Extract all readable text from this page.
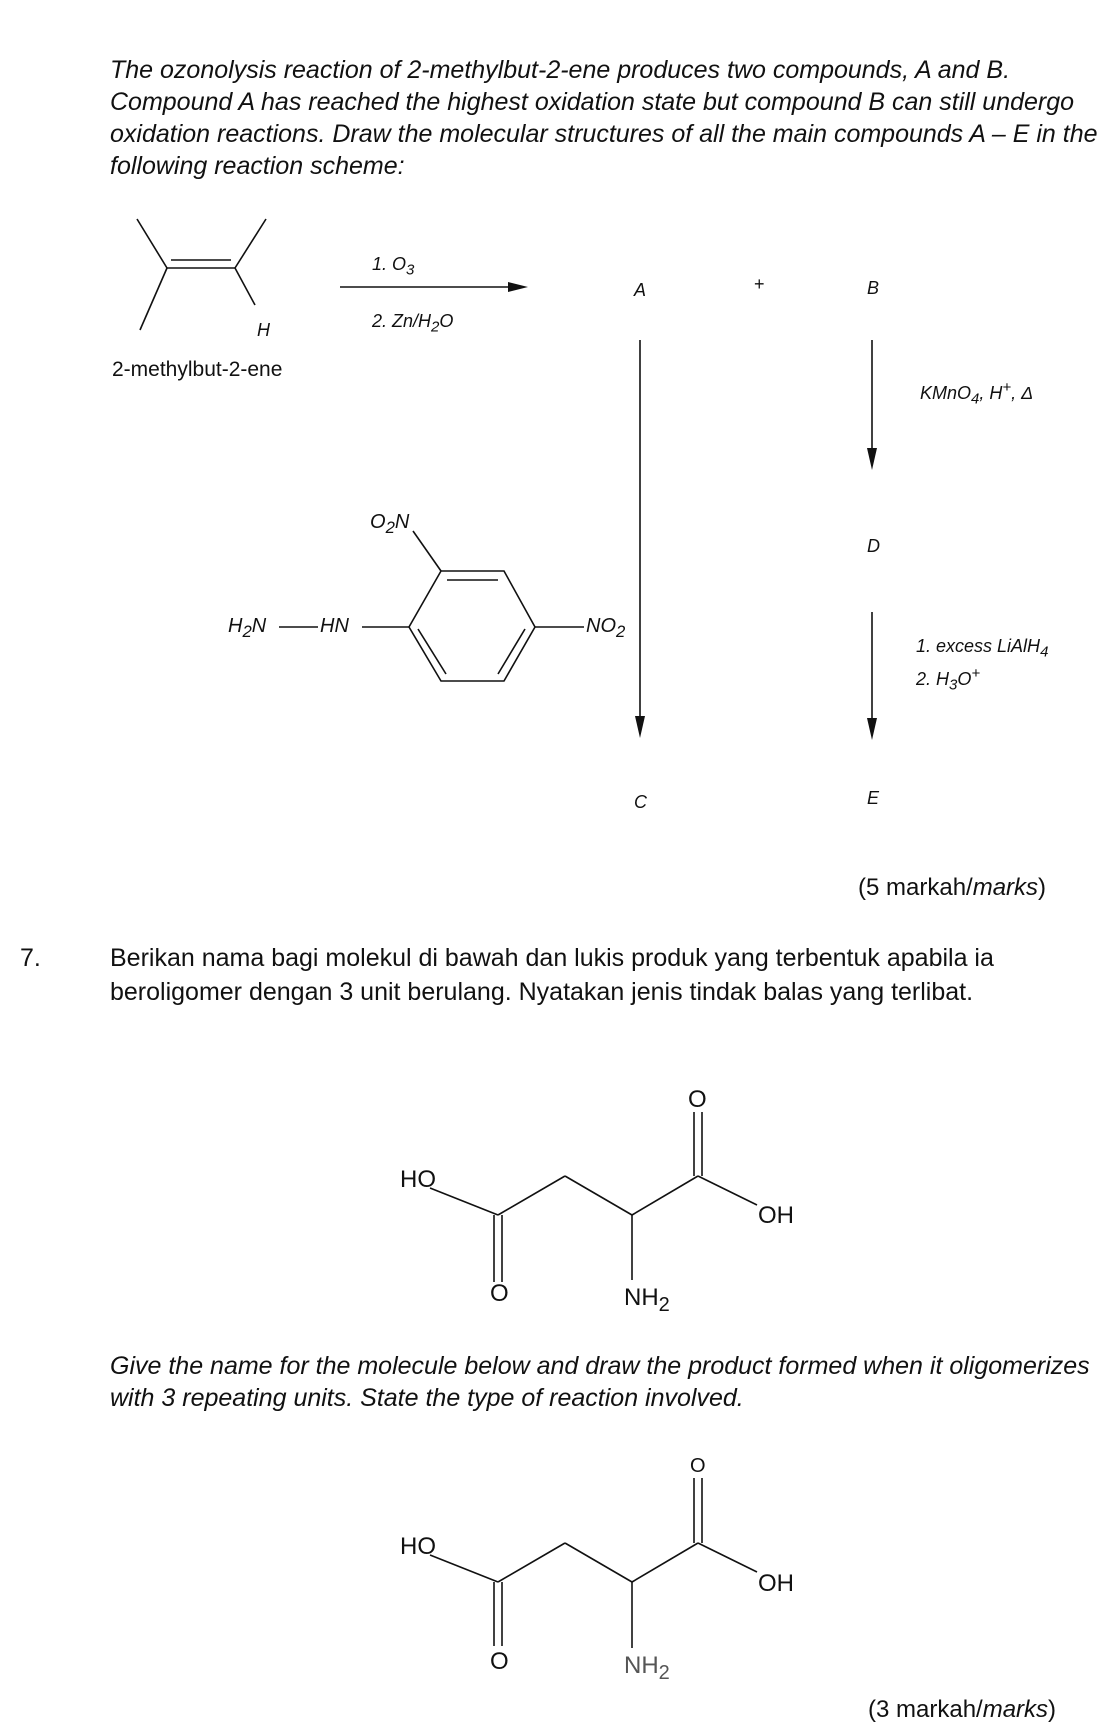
The ozonolysis reaction of 2-methylbut-2-ene produces two compounds, A and B. Compound A has reached the highest oxidation state but compound B can still undergo oxidation reactions. Draw the molecular structures of all the main compounds A – E in the following reaction scheme:
H
2-methylbut-2-ene
1. $O_3$
2. $Zn/H_2O$
A	+	B
KMnO$_4$, H+, Δ
D
1. excess LiAlH$_4$
2. $H_3O^+$
E
C
$O_2N$
$H_2N$	HN	$NO_2$
(5 markah/marks)
7.	Berikan nama bagi molekul di bawah dan lukis produk yang terbentuk apabila ia beroligomer dengan 3 unit berulang. Nyatakan jenis tindak balas yang terlibat.
O
HO
OH
O	$NH_2$
Give the name for the molecule below and draw the product formed when it oligomerizes with 3 repeating units. State the type of reaction involved.
O
HO
OH
O	$NH_2$
(3 markah/marks)
